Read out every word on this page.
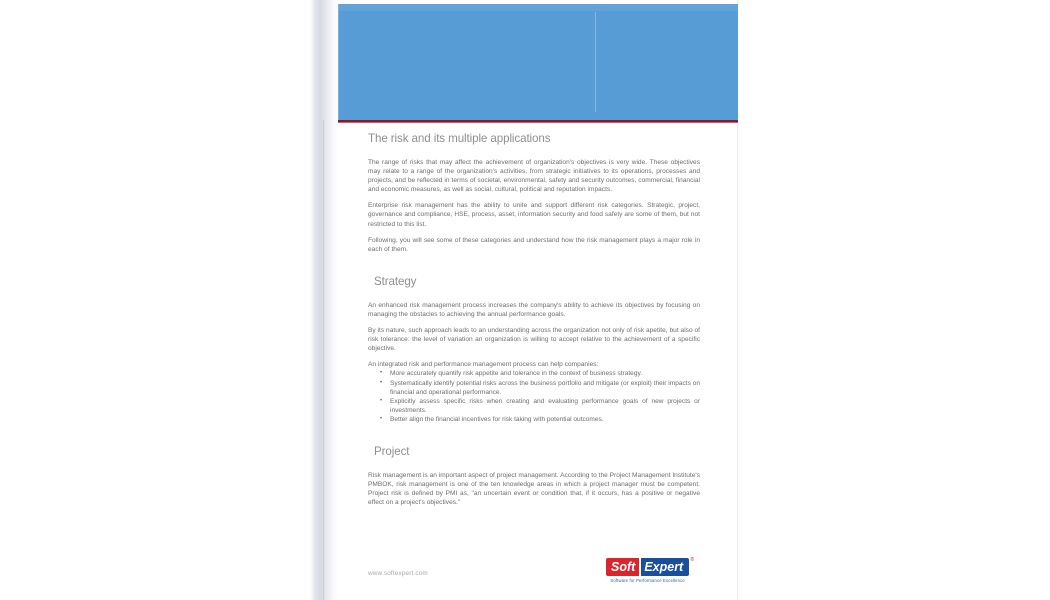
The risk and its multiple applications

The range of risks that may affect the achievement of organization's objectives is very wide. These objectives may relate to a range of the organization's activities, from strategic initiatives to its operations, processes and projects, and be reflected in terms of societal, environmental, safety and security outcomes, commercial, financial and economic measures, as well as social, cultural, political and reputation impacts.

Enterprise risk management has the ability to unite and support different risk categories. Strategic, project, governance and compliance, HSE, process, asset, information security and food safety are some of them, but not restricted to this list.

Following, you will see some of these categories and understand how the risk management plays a major role in each of them.

Strategy

An enhanced risk management process increases the company's ability to achieve its objectives by focusing on managing the obstacles to achieving the annual performance goals.

By its nature, such approach leads to an understanding across the organization not only of risk apetite, but also of risk tolerance: the level of variation an organization is willing to accept relative to the achievement of a specific objective.

An integrated risk and performance management process can help companies:

• More accurately quantify risk appetite and tolerance in the context of business strategy.
• Systematically identify potential risks across the business portfolio and mitigate (or exploit) their impacts on financial and operational performance.
• Explicitly assess specific risks when creating and evaluating performance goals of new projects or investments.
• Better align the financial incentives for risk taking with potential outcomes.
Project

Risk management is an important aspect of project management. According to the Project Management Institute's PMBOK, risk management is one of the ten knowledge areas in which a project manager must be competent. Project risk is defined by PMI as, "an uncertain event or condition that, if it occurs, has a positive or negative effect on a project's objectives."

www.softexpert.com	Soft Expert
Software for Performance Excellence
®
